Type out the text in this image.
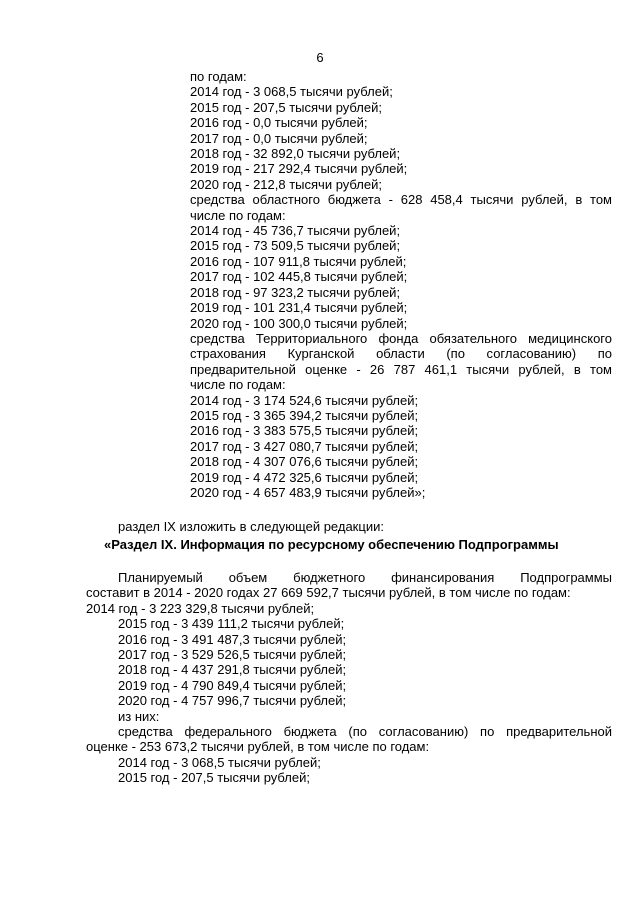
6
по годам:
2014 год - 3 068,5 тысячи рублей;
2015 год - 207,5 тысячи рублей;
2016 год - 0,0 тысячи рублей;
2017 год - 0,0 тысячи рублей;
2018 год - 32 892,0 тысячи рублей;
2019 год - 217 292,4 тысячи рублей;
2020 год - 212,8 тысячи рублей;
средства областного бюджета - 628 458,4 тысячи рублей, в том
числе по годам:
2014 год - 45 736,7 тысячи рублей;
2015 год - 73 509,5 тысячи рублей;
2016 год - 107 911,8 тысячи рублей;
2017 год - 102 445,8 тысячи рублей;
2018 год - 97 323,2 тысячи рублей;
2019 год - 101 231,4 тысячи рублей;
2020 год - 100 300,0 тысячи рублей;
средства Территориального фонда обязательного медицинского
страхования Курганской области (по согласованию) по
предварительной оценке - 26 787 461,1 тысячи рублей, в том
числе по годам:
2014 год - 3 174 524,6 тысячи рублей;
2015 год - 3 365 394,2 тысячи рублей;
2016 год - 3 383 575,5 тысячи рублей;
2017 год - 3 427 080,7 тысячи рублей;
2018 год - 4 307 076,6 тысячи рублей;
2019 год - 4 472 325,6 тысячи рублей;
2020 год - 4 657 483,9 тысячи рублей»;
раздел IX изложить в следующей редакции:
«Раздел IX. Информация по ресурсному обеспечению Подпрограммы
Планируемый объем бюджетного финансирования Подпрограммы
составит в 2014 - 2020 годах 27 669 592,7 тысячи рублей, в том числе по годам:
2014 год - 3 223 329,8 тысячи рублей;
2015 год - 3 439 111,2 тысячи рублей;
2016 год - 3 491 487,3 тысячи рублей;
2017 год - 3 529 526,5 тысячи рублей;
2018 год - 4 437 291,8 тысячи рублей;
2019 год - 4 790 849,4 тысячи рублей;
2020 год - 4 757 996,7 тысячи рублей;
из них:
средства федерального бюджета (по согласованию) по предварительной
оценке - 253 673,2 тысячи рублей, в том числе по годам:
2014 год - 3 068,5 тысячи рублей;
2015 год - 207,5 тысячи рублей;
